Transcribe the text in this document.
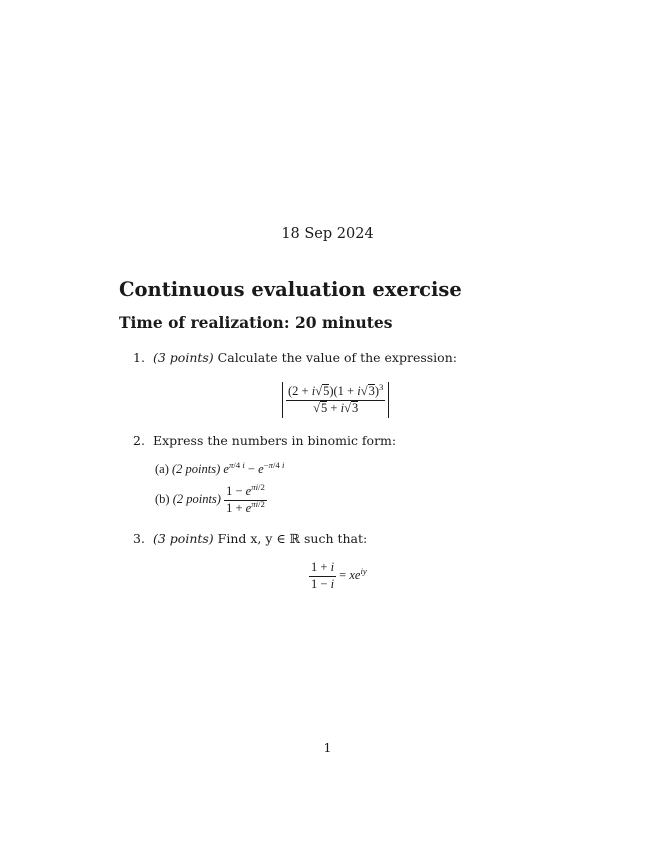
18 Sep 2024
Continuous evaluation exercise
Time of realization: 20 minutes
1. (3 points) Calculate the value of the expression:
$\frac{(2 + i√5)(1 + i√3)^3}{√5 + i√3}$
2. Express the numbers in binomic form:
(a) (2 points) $e^{\pi/4 i} - e^{-\pi/4 i}$
(b) (2 points) $\frac{1 - e^{\pi i/2}}{1 + e^{\pi i/2}}$
3. (3 points) Find x, y ∈ ℝ such that:
$\frac{1 + i}{1 - i} = xe^{iy}$
1
